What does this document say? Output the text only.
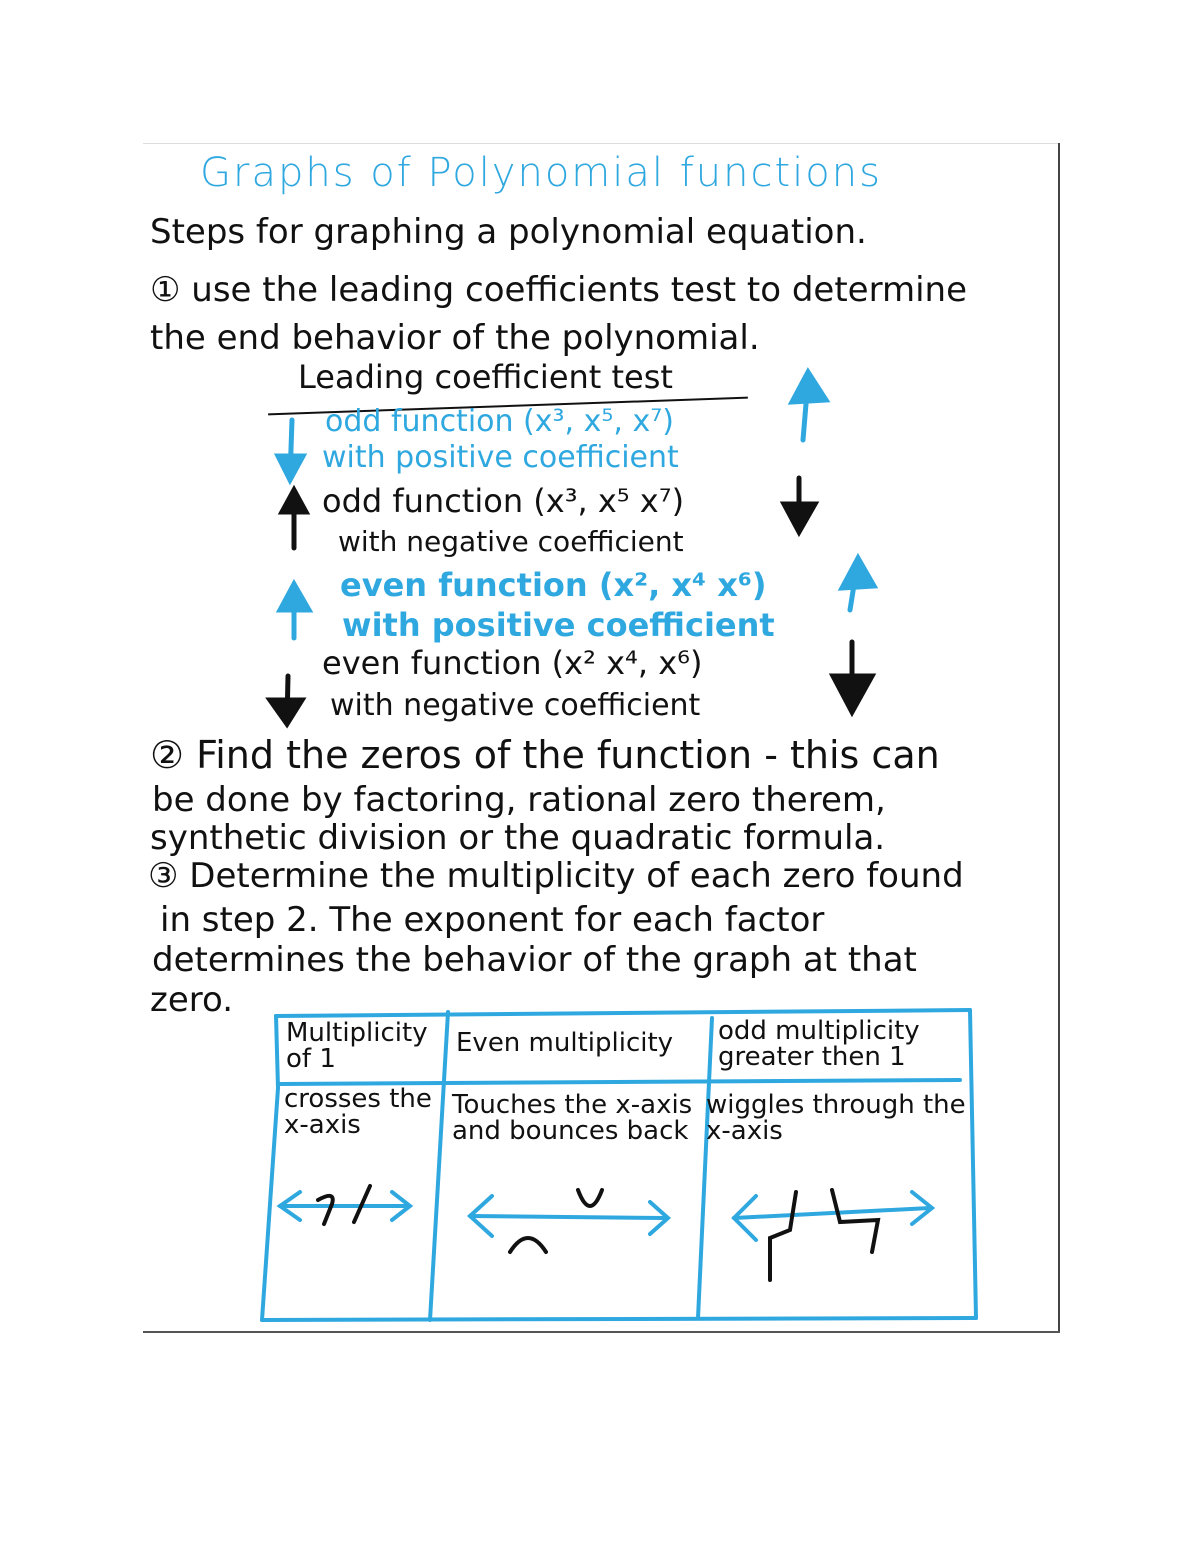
Graphs of Polynomial functions
Steps for graphing a polynomial equation.
① use the leading coefficients test to determine
the end behavior of the polynomial.
Leading coefficient test
odd function (x³, x⁵, x⁷)
with positive coefficient
odd function (x³, x⁵ x⁷)
with negative coefficient
even function (x², x⁴ x⁶)
with positive coefficient
even function (x² x⁴, x⁶)
with negative coefficient
② Find the zeros of the function - this can
be done by factoring, rational zero therem,
synthetic division or the quadratic formula.
③ Determine the multiplicity of each zero found
in step 2. The exponent for each factor
determines the behavior of the graph at that
zero.
Multiplicity of 1
Even multiplicity	odd multiplicity greater then 1
crosses the x-axis
Touches the x-axis and bounces back
wiggles through the x-axis
